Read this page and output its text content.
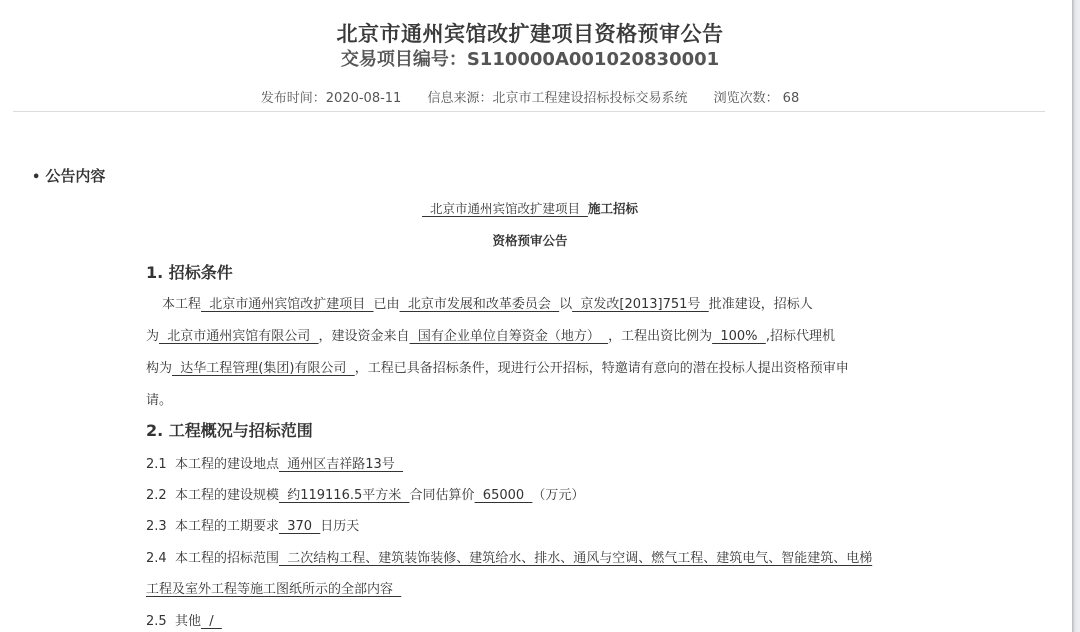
北京市通州宾馆改扩建项目资格预审公告
交易项目编号：S110000A001020830001
发布时间：2020-08-11 信息来源：北京市工程建设招标投标交易系统 浏览次数： 68
• 公告内容
北京市通州宾馆改扩建项目  施工招标
资格预审公告
1. 招标条件
本工程  北京市通州宾馆改扩建项目  已由  北京市发展和改革委员会  以  京发改[2013]751号  批准建设，招标人
为  北京市通州宾馆有限公司  ，建设资金来自  国有企业单位自筹资金（地方）  ，工程出资比例为  100%  ,招标代理机
构为  达华工程管理(集团)有限公司  ，工程已具备招标条件，现进行公开招标，特邀请有意向的潜在投标人提出资格预审申
请。
2. 工程概况与招标范围
2.1  本工程的建设地点  通州区吉祥路13号
2.2  本工程的建设规模  约119116.5平方米  合同估算价  65000  （万元）
2.3  本工程的工期要求  370  日历天
2.4  本工程的招标范围  二次结构工程、建筑装饰装修、建筑给水、排水、通风与空调、燃气工程、建筑电气、智能建筑、电梯
工程及室外工程等施工图纸所示的全部内容
2.5  其他  /
